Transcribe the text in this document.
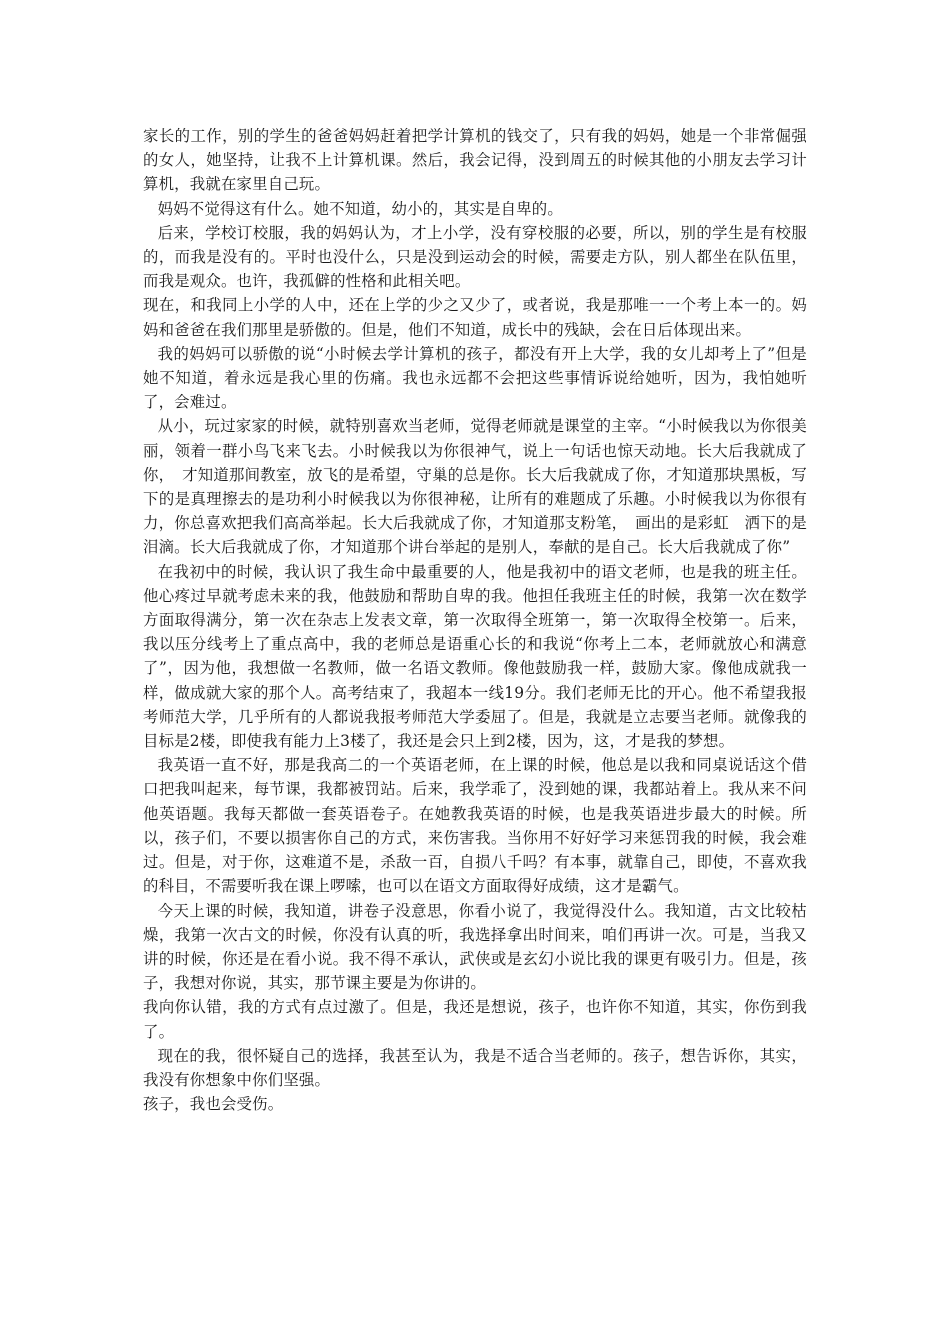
家长的工作，别的学生的爸爸妈妈赶着把学计算机的钱交了，只有我的妈妈，她是一个非常倔强的女人，她坚持，让我不上计算机课。然后，我会记得，没到周五的时候其他的小朋友去学习计算机，我就在家里自己玩。

妈妈不觉得这有什么。她不知道，幼小的，其实是自卑的。

后来，学校订校服，我的妈妈认为，才上小学，没有穿校服的必要，所以，别的学生是有校服的，而我是没有的。平时也没什么，只是没到运动会的时候，需要走方队，别人都坐在队伍里，而我是观众。也许，我孤僻的性格和此相关吧。

现在，和我同上小学的人中，还在上学的少之又少了，或者说，我是那唯一一个考上本一的。妈妈和爸爸在我们那里是骄傲的。但是，他们不知道，成长中的残缺，会在日后体现出来。

我的妈妈可以骄傲的说“小时候去学计算机的孩子，都没有开上大学，我的女儿却考上了”但是她不知道，着永远是我心里的伤痛。我也永远都不会把这些事情诉说给她听，因为，我怕她听了，会难过。

从小，玩过家家的时候，就特别喜欢当老师，觉得老师就是课堂的主宰。“小时候我以为你很美丽，领着一群小鸟飞来飞去。小时候我以为你很神气，说上一句话也惊天动地。长大后我就成了你，　才知道那间教室，放飞的是希望，守巢的总是你。长大后我就成了你，才知道那块黑板，写下的是真理擦去的是功利小时候我以为你很神秘，让所有的难题成了乐趣。小时候我以为你很有力，你总喜欢把我们高高举起。长大后我就成了你，才知道那支粉笔，　画出的是彩虹　洒下的是泪滴。长大后我就成了你，才知道那个讲台举起的是别人，奉献的是自己。长大后我就成了你”

在我初中的时候，我认识了我生命中最重要的人，他是我初中的语文老师，也是我的班主任。他心疼过早就考虑未来的我，他鼓励和帮助自卑的我。他担任我班主任的时候，我第一次在数学方面取得满分，第一次在杂志上发表文章，第一次取得全班第一，第一次取得全校第一。后来，我以压分线考上了重点高中，我的老师总是语重心长的和我说“你考上二本，老师就放心和满意了”，因为他，我想做一名教师，做一名语文教师。像他鼓励我一样，鼓励大家。像他成就我一样，做成就大家的那个人。高考结束了，我超本一线19分。我们老师无比的开心。他不希望我报考师范大学，几乎所有的人都说我报考师范大学委屈了。但是，我就是立志要当老师。就像我的目标是2楼，即使我有能力上3楼了，我还是会只上到2楼，因为，这，才是我的梦想。

我英语一直不好，那是我高二的一个英语老师，在上课的时候，他总是以我和同桌说话这个借口把我叫起来，每节课，我都被罚站。后来，我学乖了，没到她的课，我都站着上。我从来不问他英语题。我每天都做一套英语卷子。在她教我英语的时候，也是我英语进步最大的时候。所以，孩子们，不要以损害你自己的方式，来伤害我。当你用不好好学习来惩罚我的时候，我会难过。但是，对于你，这难道不是，杀敌一百，自损八千吗？有本事，就靠自己，即使，不喜欢我的科目，不需要听我在课上啰嗦，也可以在语文方面取得好成绩，这才是霸气。

今天上课的时候，我知道，讲卷子没意思，你看小说了，我觉得没什么。我知道，古文比较枯燥，我第一次古文的时候，你没有认真的听，我选择拿出时间来，咱们再讲一次。可是，当我又讲的时候，你还是在看小说。我不得不承认，武侠或是玄幻小说比我的课更有吸引力。但是，孩子，我想对你说，其实，那节课主要是为你讲的。

我向你认错，我的方式有点过激了。但是，我还是想说，孩子，也许你不知道，其实，你伤到我了。

现在的我，很怀疑自己的选择，我甚至认为，我是不适合当老师的。孩子，想告诉你，其实，我没有你想象中你们坚强。

孩子，我也会受伤。
